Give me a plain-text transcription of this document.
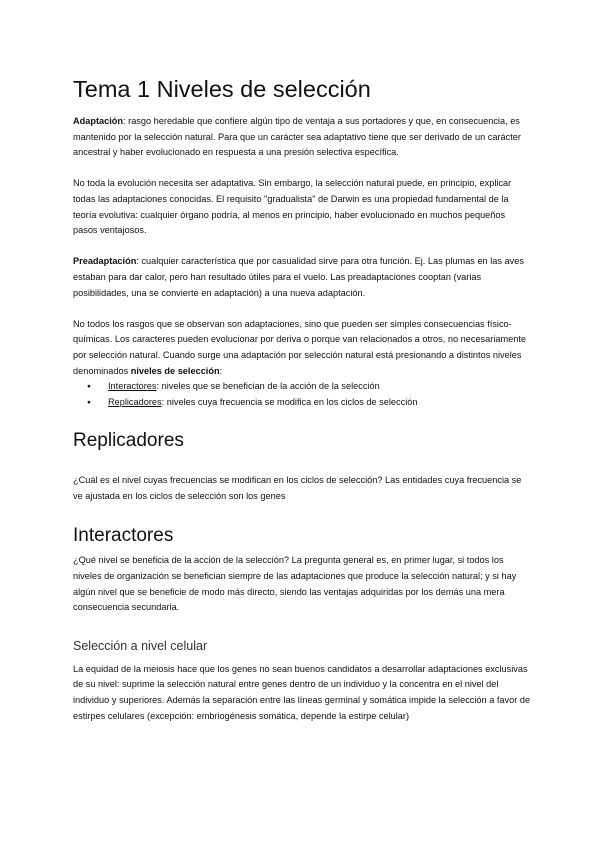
Tema 1 Niveles de selección

Adaptación: rasgo heredable que confiere algún tipo de ventaja a sus portadores y que, en consecuencia, es mantenido por la selección natural. Para que un carácter sea adaptativo tiene que ser derivado de un carácter ancestral y haber evolucionado en respuesta a una presión selectiva específica.

No toda la evolución necesita ser adaptativa. Sin embargo, la selección natural puede, en principio, explicar todas las adaptaciones conocidas. El requisito "gradualista" de Darwin es una propiedad fundamental de la teoría evolutiva: cualquier órgano podría, al menos en principio, haber evolucionado en muchos pequeños pasos ventajosos.

Preadaptación: cualquier característica que por casualidad sirve para otra función. Ej. Las plumas en las aves estaban para dar calor, pero han resultado útiles para el vuelo. Las preadaptaciones cooptan (varias posibilidades, una se convierte en adaptación) a una nueva adaptación.

No todos los rasgos que se observan son adaptaciones, sino que pueden ser simples consecuencias físico-químicas. Los caracteres pueden evolucionar por deriva o porque van relacionados a otros, no necesariamente por selección natural. Cuando surge una adaptación por selección natural está presionando a distintos niveles denominados niveles de selección:

● Interactores: niveles que se benefician de la acción de la selección
● Replicadores: niveles cuya frecuencia se modifica en los ciclos de selección
Replicadores

¿Cuál es el nivel cuyas frecuencias se modifican en los ciclos de selección? Las entidades cuya frecuencia se ve ajustada en los ciclos de selección son los genes

Interactores

¿Qué nivel se beneficia de la acción de la selección? La pregunta general es, en primer lugar, si todos los niveles de organización se benefician siempre de las adaptaciones que produce la selección natural; y si hay algún nivel que se beneficie de modo más directo, siendo las ventajas adquiridas por los demás una mera consecuencia secundaria.

Selección a nivel celular

La equidad de la meiosis hace que los genes no sean buenos candidatos a desarrollar adaptaciones exclusivas de su nivel: suprime la selección natural entre genes dentro de un individuo y la concentra en el nivel del individuo y superiores. Además la separación entre las líneas germinal y somática impide la selección a favor de estirpes celulares (excepción: embriogénesis somática, depende la estirpe celular)
